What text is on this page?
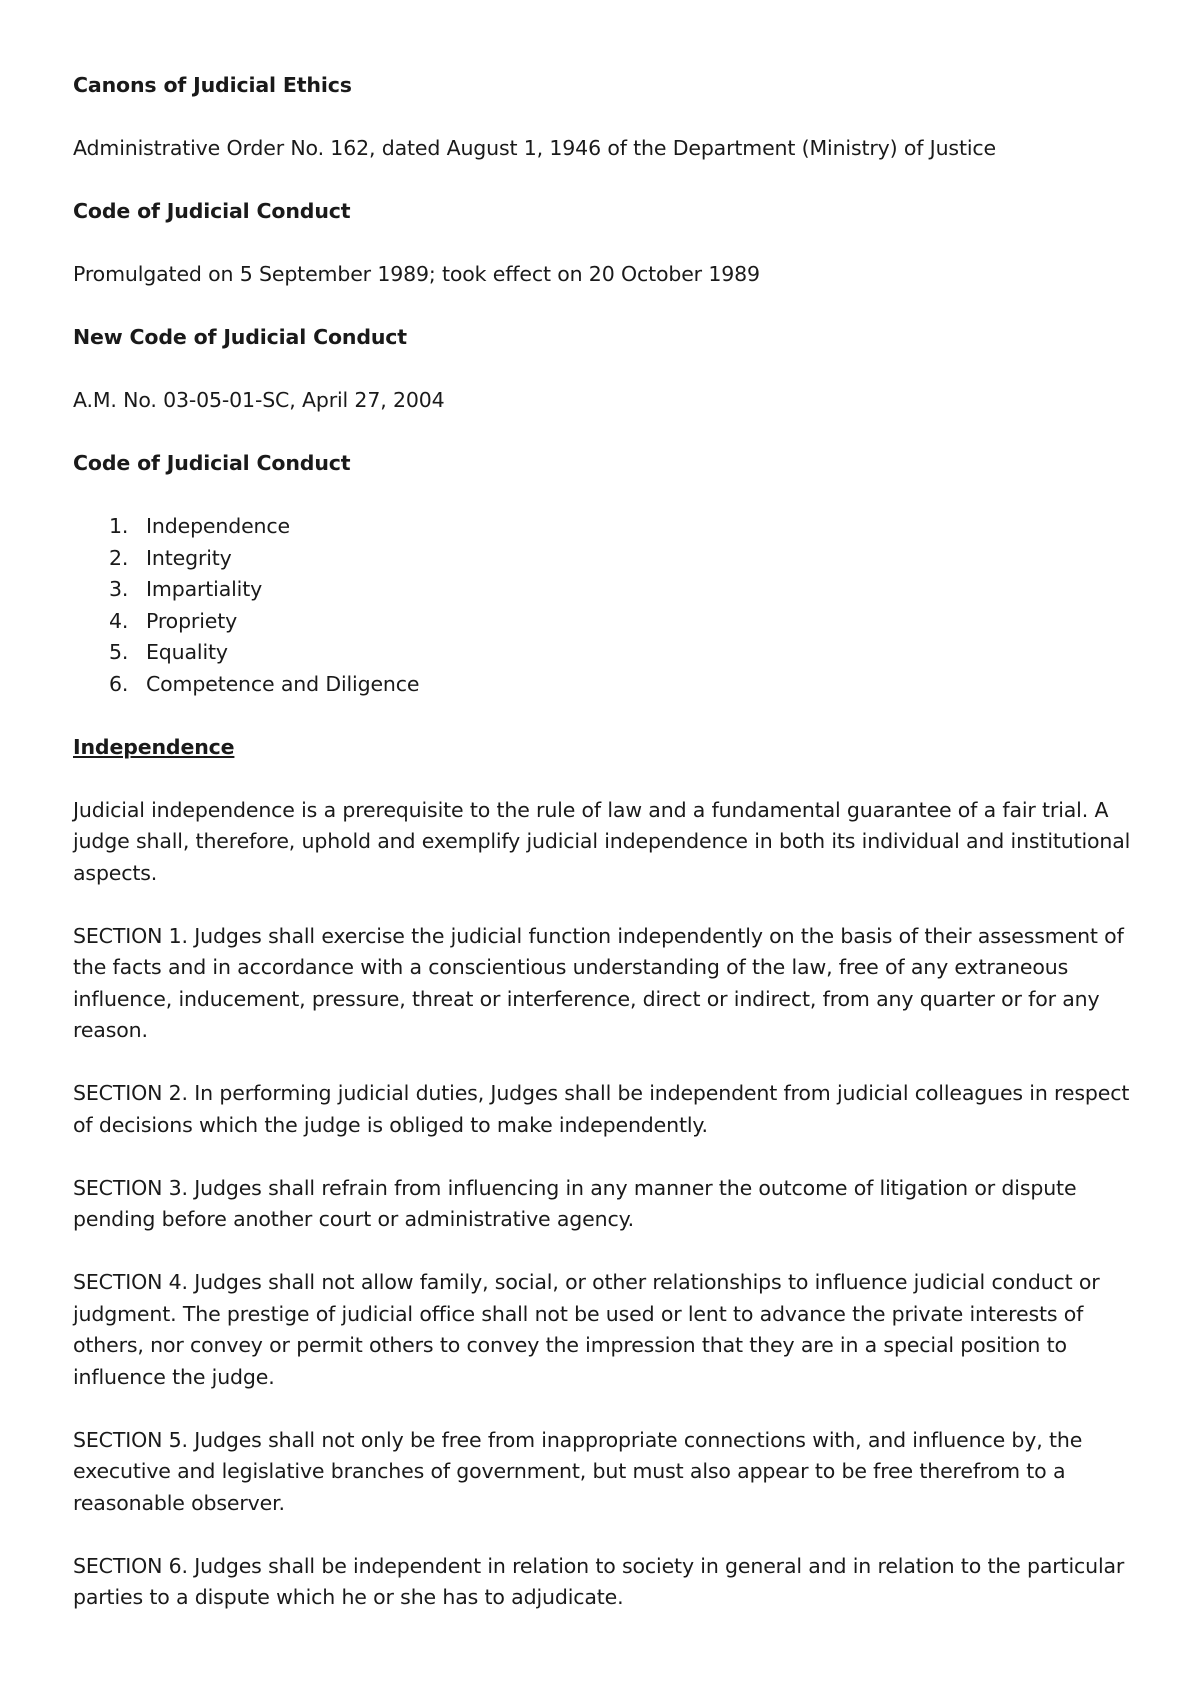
Canons of Judicial Ethics
Administrative Order No. 162, dated August 1, 1946 of the Department (Ministry) of Justice
Code of Judicial Conduct
Promulgated on 5 September 1989; took effect on 20 October 1989
New Code of Judicial Conduct
A.M. No. 03-05-01-SC, April 27, 2004
Code of Judicial Conduct
1. Independence
2. Integrity
3. Impartiality
4. Propriety
5. Equality
6. Competence and Diligence
Independence
Judicial independence is a prerequisite to the rule of law and a fundamental guarantee of a fair trial. A judge shall, therefore, uphold and exemplify judicial independence in both its individual and institutional aspects.
SECTION 1. Judges shall exercise the judicial function independently on the basis of their assessment of the facts and in accordance with a conscientious understanding of the law, free of any extraneous influence, inducement, pressure, threat or interference, direct or indirect, from any quarter or for any reason.
SECTION 2. In performing judicial duties, Judges shall be independent from judicial colleagues in respect of decisions which the judge is obliged to make independently.
SECTION 3. Judges shall refrain from influencing in any manner the outcome of litigation or dispute pending before another court or administrative agency.
SECTION 4. Judges shall not allow family, social, or other relationships to influence judicial conduct or judgment. The prestige of judicial office shall not be used or lent to advance the private interests of others, nor convey or permit others to convey the impression that they are in a special position to influence the judge.
SECTION 5. Judges shall not only be free from inappropriate connections with, and influence by, the executive and legislative branches of government, but must also appear to be free therefrom to a reasonable observer.
SECTION 6. Judges shall be independent in relation to society in general and in relation to the particular parties to a dispute which he or she has to adjudicate.
